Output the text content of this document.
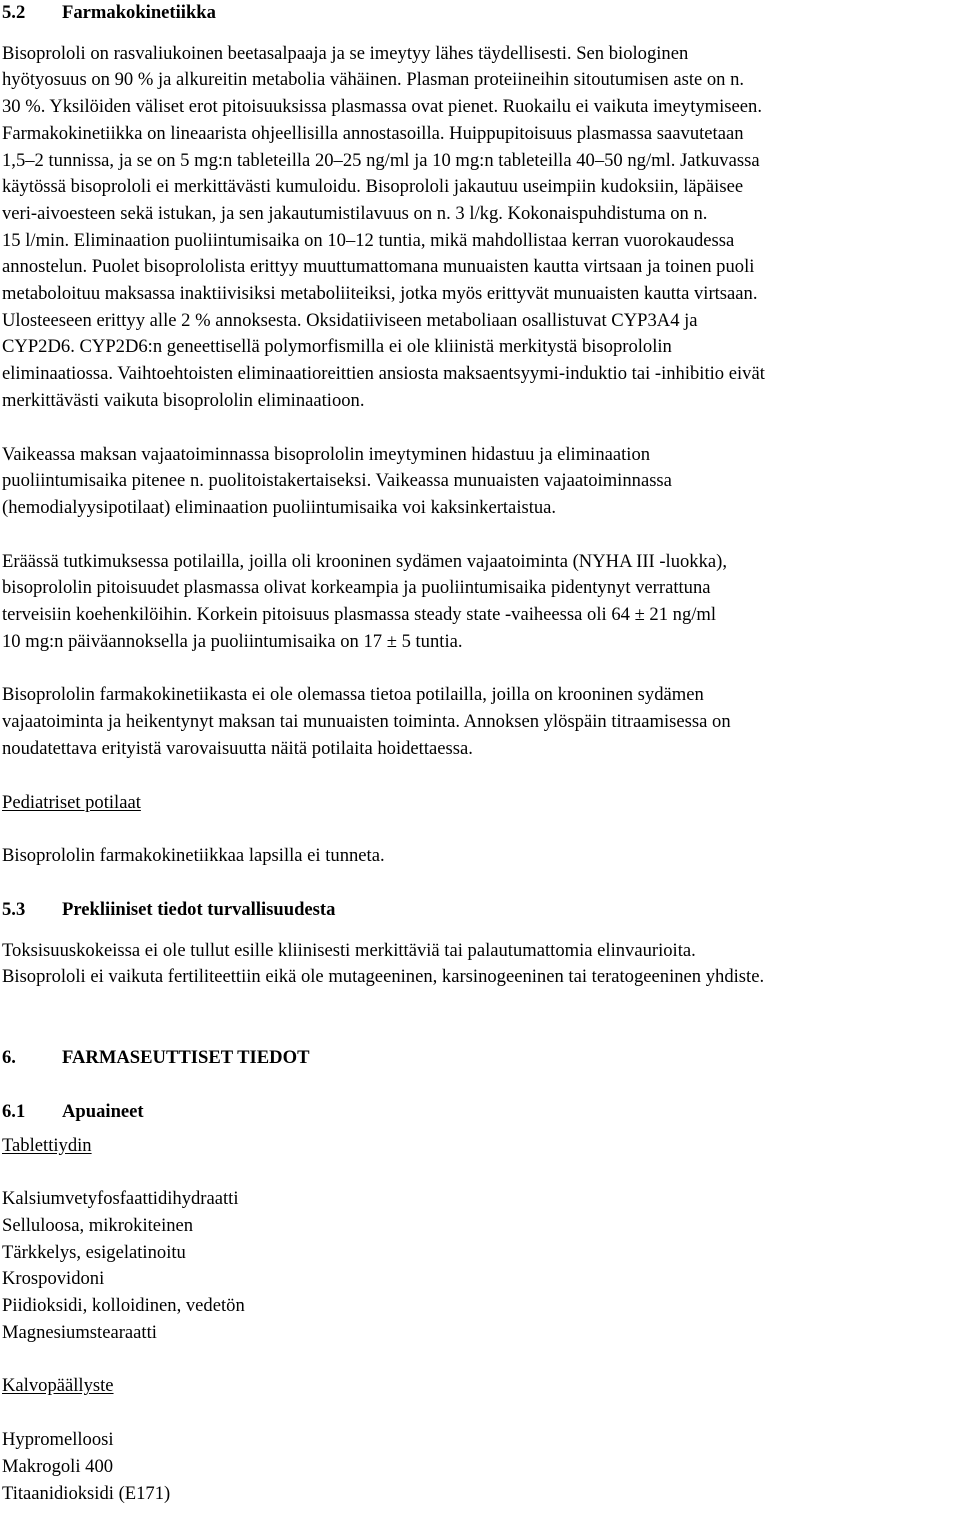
5.2 Farmakokinetiikka

Bisoprololi on rasvaliukoinen beetasalpaaja ja se imeytyy lähes täydellisesti. Sen biologinen
hyötyosuus on 90 % ja alkureitin metabolia vähäinen. Plasman proteiineihin sitoutumisen aste on n.
30 %. Yksilöiden väliset erot pitoisuuksissa plasmassa ovat pienet. Ruokailu ei vaikuta imeytymiseen.
Farmakokinetiikka on lineaarista ohjeellisilla annostasoilla. Huippupitoisuus plasmassa saavutetaan
1,5–2 tunnissa, ja se on 5 mg:n tableteilla 20–25 ng/ml ja 10 mg:n tableteilla 40–50 ng/ml. Jatkuvassa
käytössä bisoprololi ei merkittävästi kumuloidu. Bisoprololi jakautuu useimpiin kudoksiin, läpäisee
veri-aivoesteen sekä istukan, ja sen jakautumistilavuus on n. 3 l/kg. Kokonaispuhdistuma on n.
15 l/min. Eliminaation puoliintumisaika on 10–12 tuntia, mikä mahdollistaa kerran vuorokaudessa
annostelun. Puolet bisoprololista erittyy muuttumattomana munuaisten kautta virtsaan ja toinen puoli
metaboloituu maksassa inaktiivisiksi metaboliiteiksi, jotka myös erittyvät munuaisten kautta virtsaan.
Ulosteeseen erittyy alle 2 % annoksesta. Oksidatiiviseen metaboliaan osallistuvat CYP3A4 ja
CYP2D6. CYP2D6:n geneettisellä polymorfismilla ei ole kliinistä merkitystä bisoprololin
eliminaatiossa. Vaihtoehtoisten eliminaatioreittien ansiosta maksaentsyymi-induktio tai -inhibitio eivät
merkittävästi vaikuta bisoprololin eliminaatioon.
Vaikeassa maksan vajaatoiminnassa bisoprololin imeytyminen hidastuu ja eliminaation
puoliintumisaika pitenee n. puolitoistakertaiseksi. Vaikeassa munuaisten vajaatoiminnassa
(hemodialyysipotilaat) eliminaation puoliintumisaika voi kaksinkertaistua.
Eräässä tutkimuksessa potilailla, joilla oli krooninen sydämen vajaatoiminta (NYHA III -luokka),
bisoprololin pitoisuudet plasmassa olivat korkeampia ja puoliintumisaika pidentynyt verrattuna
terveisiin koehenkilöihin. Korkein pitoisuus plasmassa steady state -vaiheessa oli 64 ± 21 ng/ml
10 mg:n päiväannoksella ja puoliintumisaika on 17 ± 5 tuntia.
Bisoprololin farmakokinetiikasta ei ole olemassa tietoa potilailla, joilla on krooninen sydämen
vajaatoiminta ja heikentynyt maksan tai munuaisten toiminta. Annoksen ylöspäin titraamisessa on
noudatettava erityistä varovaisuutta näitä potilaita hoidettaessa.

Pediatriset potilaat

Bisoprololin farmakokinetiikkaa lapsilla ei tunneta.

5.3 Prekliiniset tiedot turvallisuudesta

Toksisuuskokeissa ei ole tullut esille kliinisesti merkittäviä tai palautumattomia elinvaurioita.
Bisoprololi ei vaikuta fertiliteettiin eikä ole mutageeninen, karsinogeeninen tai teratogeeninen yhdiste.

6. FARMASEUTTISET TIEDOT

6.1 Apuaineet

Tablettiydin

Kalsiumvetyfosfaattidihydraatti

Selluloosa, mikrokiteinen

Tärkkelys, esigelatinoitu

Krospovidoni

Piidioksidi, kolloidinen, vedetön

Magnesiumstearaatti

Kalvopäällyste

Hypromelloosi

Makrogoli 400

Titaanidioksidi (E171)
